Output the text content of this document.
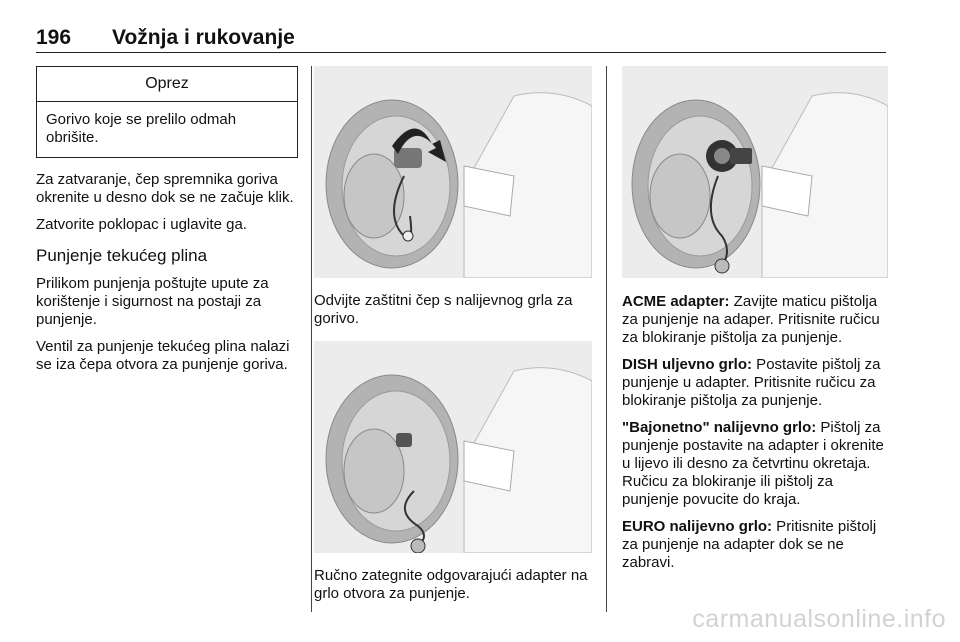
196 Vožnja i rukovanje
Oprez
Gorivo koje se prelilo odmah obrišite.

Za zatvaranje, čep spremnika goriva okrenite u desno dok se ne začuje klik.

Zatvorite poklopac i uglavite ga.

Punjenje tekućeg plina

Prilikom punjenja poštujte upute za korištenje i sigurnost na postaji za punjenje.

Ventil za punjenje tekućeg plina nalazi se iza čepa otvora za punjenje goriva.

Odvijte zaštitni čep s nalijevnog grla za gorivo.

Ručno zategnite odgovarajući adapter na grlo otvora za punjenje.

ACME adapter: Zavijte maticu pištolja za punjenje na adaper. Pritisnite ručicu za blokiranje pištolja za punjenje.

DISH uljevno grlo: Postavite pištolj za punjenje u adapter. Pritisnite ručicu za blokiranje pištolja za punjenje.

"Bajonetno" nalijevno grlo: Pištolj za punjenje postavite na adapter i okrenite u lijevo ili desno za četvrtinu okretaja. Ručicu za blokiranje ili pištolj za punjenje povucite do kraja.

EURO nalijevno grlo: Pritisnite pištolj za punjenje na adapter dok se ne zabravi.

carmanualsonline.info
